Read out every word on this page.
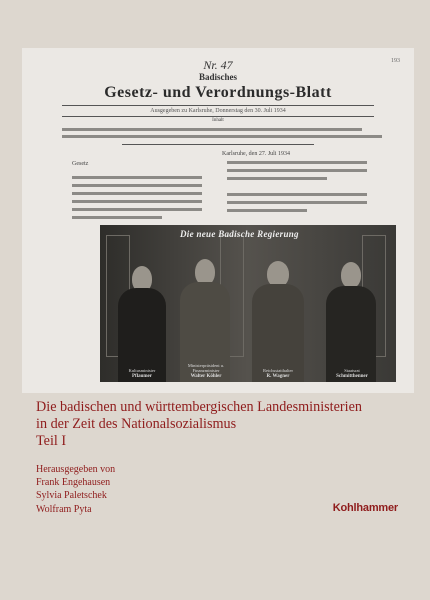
193
Nr. 47
Badisches
Gesetz- und Verordnungs-Blatt
Ausgegeben zu Karlsruhe, Donnerstag den 30. Juli 1934
Inhalt
Gesetz
Karlsruhe, den 27. Juli 1934
Die neue Badische Regierung
Kultusminister
Pflaumer
Ministerpräsident u. Finanzminister
Walter Köhler
Reichsstatthalter
R. Wagner
Staatsrat
Schmitthenner
Die badischen und württembergischen Landesministerien
in der Zeit des Nationalsozialismus
Teil I
Herausgegeben von
Frank Engehausen
Sylvia Paletschek
Wolfram Pyta	Kohlhammer
